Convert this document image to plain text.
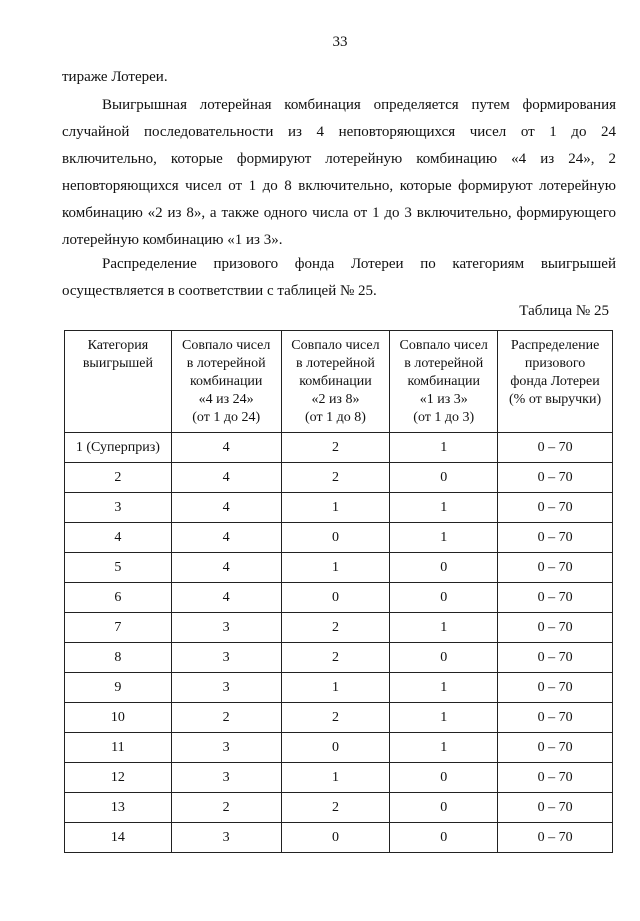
33

тираже Лотереи.

Выигрышная лотерейная комбинация определяется путем формирования случайной последовательности из 4 неповторяющихся чисел от 1 до 24 включительно, которые формируют лотерейную комбинацию «4 из 24», 2 неповторяющихся чисел от 1 до 8 включительно, которые формируют лотерейную комбинацию «2 из 8», а также одного числа от 1 до 3 включительно, формирующего лотерейную комбинацию «1 из 3».

Распределение призового фонда Лотереи по категориям выигрышей осуществляется в соответствии с таблицей № 25.

Таблица № 25
Категория
выигрышей	Совпало чисел
в лотерейной
комбинации
«4 из 24»
(от 1 до 24)	Совпало чисел
в лотерейной
комбинации
«2 из 8»
(от 1 до 8)	Совпало чисел
в лотерейной
комбинации
«1 из 3»
(от 1 до 3)	Распределение
призового
фонда Лотереи
(% от выручки)

1 (Суперприз)	4	2	1	0 – 70
2	4	2	0	0 – 70
3	4	1	1	0 – 70
4	4	0	1	0 – 70
5	4	1	0	0 – 70
6	4	0	0	0 – 70
7	3	2	1	0 – 70
8	3	2	0	0 – 70
9	3	1	1	0 – 70
10	2	2	1	0 – 70
11	3	0	1	0 – 70
12	3	1	0	0 – 70
13	2	2	0	0 – 70
14	3	0	0	0 – 70
